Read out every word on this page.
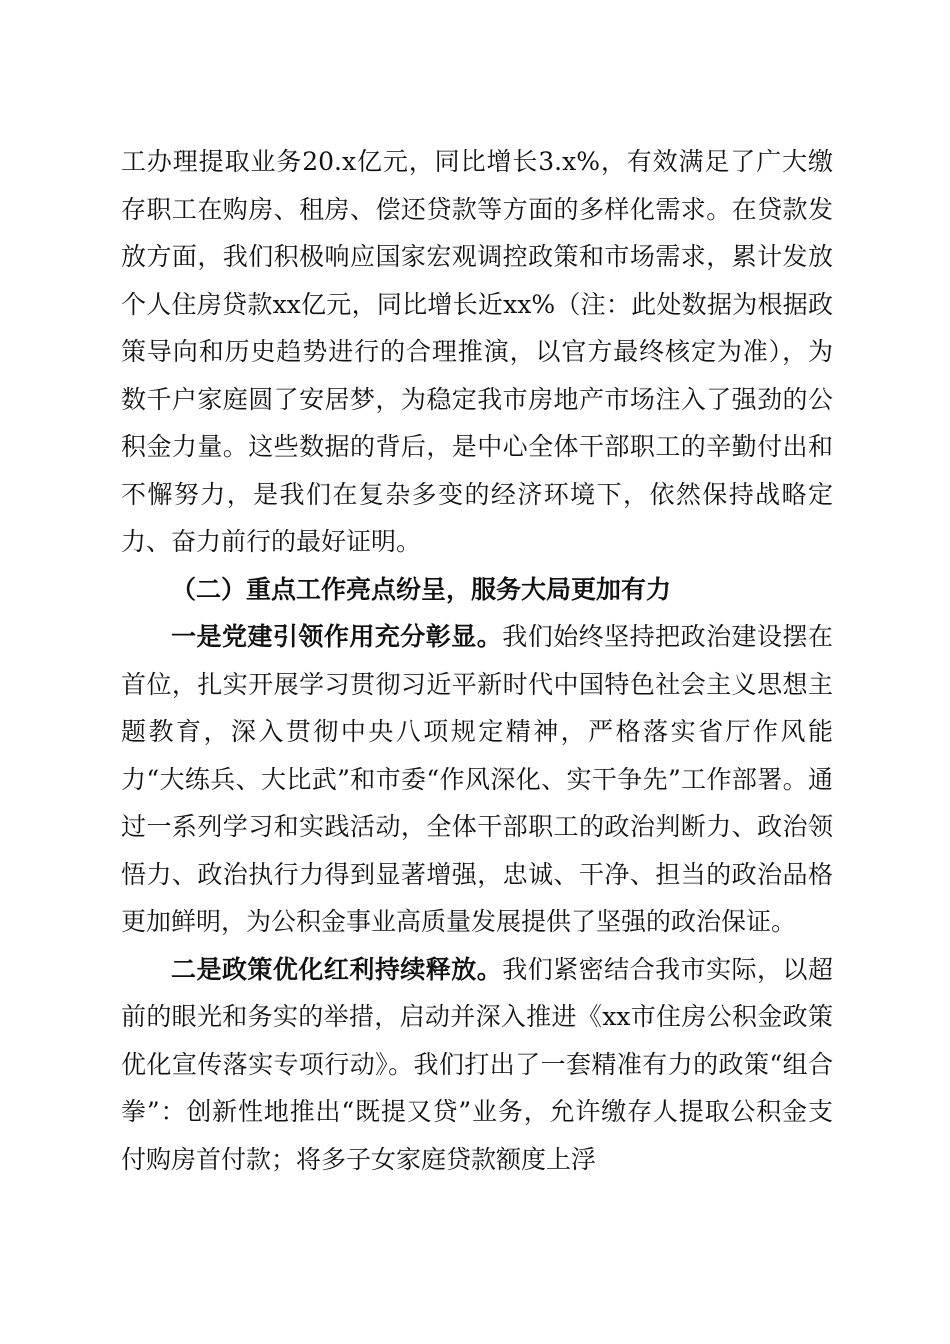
工办理提取业务20.x亿元，同比增长3.x%，有效满足了广大缴存职工在购房、租房、偿还贷款等方面的多样化需求。在贷款发放方面，我们积极响应国家宏观调控政策和市场需求，累计发放个人住房贷款xx亿元，同比增长近xx%（注：此处数据为根据政策导向和历史趋势进行的合理推演，以官方最终核定为准），为数千户家庭圆了安居梦，为稳定我市房地产市场注入了强劲的公积金力量。这些数据的背后，是中心全体干部职工的辛勤付出和不懈努力，是我们在复杂多变的经济环境下，依然保持战略定力、奋力前行的最好证明。

（二）重点工作亮点纷呈，服务大局更加有力

一是党建引领作用充分彰显。我们始终坚持把政治建设摆在首位，扎实开展学习贯彻习近平新时代中国特色社会主义思想主题教育，深入贯彻中央八项规定精神，严格落实省厅作风能力“大练兵、大比武”和市委“作风深化、实干争先”工作部署。通过一系列学习和实践活动，全体干部职工的政治判断力、政治领悟力、政治执行力得到显著增强，忠诚、干净、担当的政治品格更加鲜明，为公积金事业高质量发展提供了坚强的政治保证。

二是政策优化红利持续释放。我们紧密结合我市实际，以超前的眼光和务实的举措，启动并深入推进《xx市住房公积金政策优化宣传落实专项行动》。我们打出了一套精准有力的政策“组合拳”：创新性地推出“既提又贷”业务，允许缴存人提取公积金支付购房首付款；将多子女家庭贷款额度上浮
